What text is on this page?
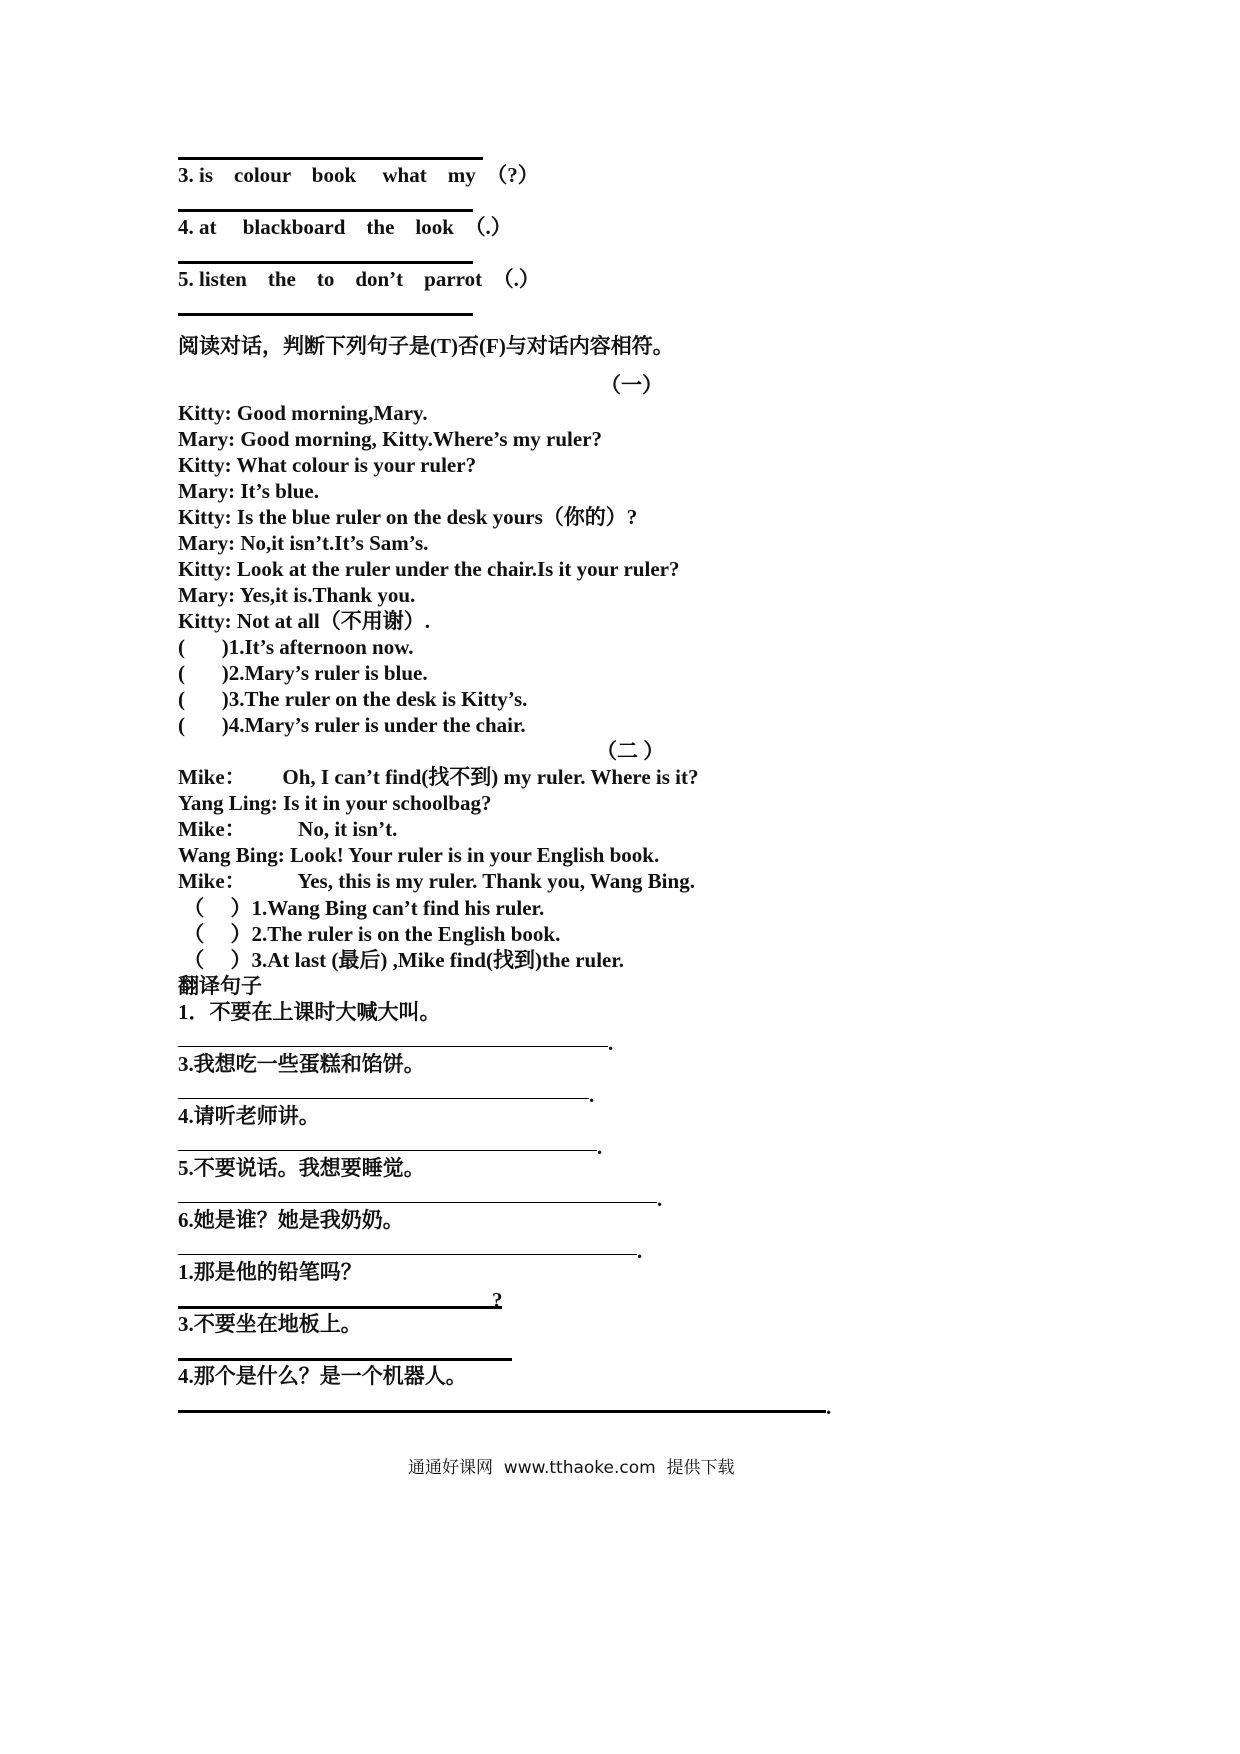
3. is    colour    book     what    my  （?）
4. at     blackboard    the    look  （.）
5. listen    the    to    don’t    parrot  （.）
阅读对话，判断下列句子是(T)否(F)与对话内容相符。
（一）
Kitty: Good morning,Mary.
Mary: Good morning, Kitty.Where’s my ruler?
Kitty: What colour is your ruler?
Mary: It’s blue.
Kitty: Is the blue ruler on the desk yours（你的）?
Mary: No,it isn’t.It’s Sam’s.
Kitty: Look at the ruler under the chair.Is it your ruler?
Mary: Yes,it is.Thank you.
Kitty: Not at all（不用谢）.
(       )1.It’s afternoon now.
(       )2.Mary’s ruler is blue.
(       )3.The ruler on the desk is Kitty’s.
(       )4.Mary’s ruler is under the chair.
（二 ）
Mike：       Oh, I can’t find(找不到) my ruler. Where is it?
Yang Ling: Is it in your schoolbag?
Mike：          No, it isn’t.
Wang Bing: Look! Your ruler is in your English book.
Mike：          Yes, this is my ruler. Thank you, Wang Bing.
（     ）1.Wang Bing can’t find his ruler.
（     ）2.The ruler is on the English book.
（     ）3.At last (最后) ,Mike find(找到)the ruler.
翻译句子
1．不要在上课时大喊大叫。
.
3.我想吃一些蛋糕和馅饼。
.
4.请听老师讲。
.
5.不要说话。我想要睡觉。
.
6.她是谁？她是我奶奶。
.
1.那是他的铅笔吗？
?
3.不要坐在地板上。
4.那个是什么？是一个机器人。
.
通通好课网  www.tthaoke.com  提供下载
